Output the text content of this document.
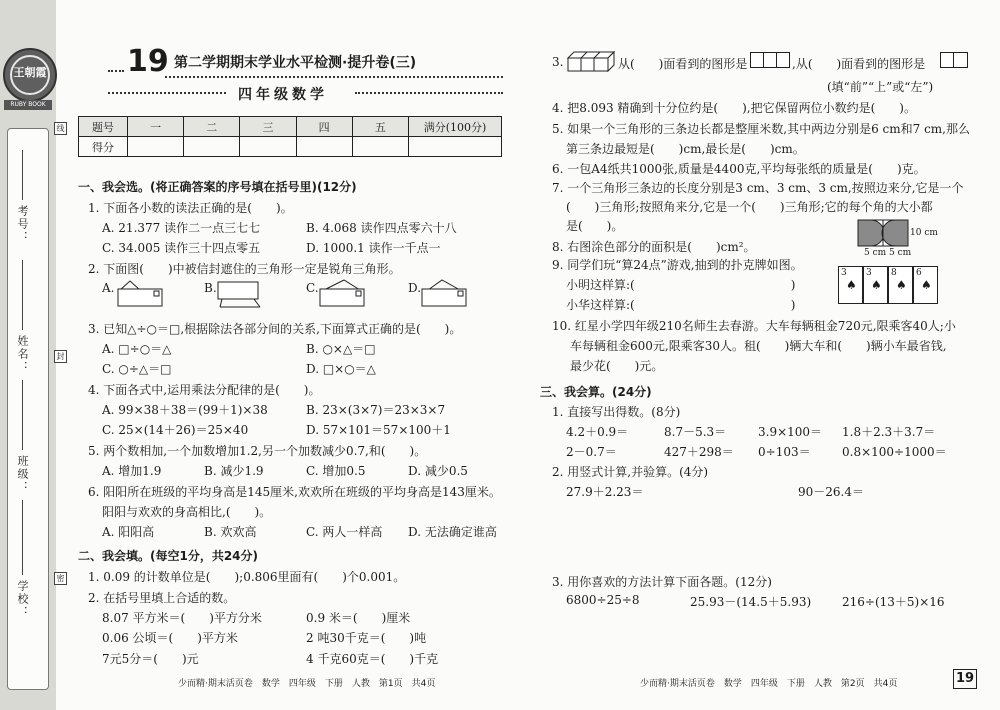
王朝霞
RUBY BOOK
考号：
姓名：
班级：
学校：
线
封
密
19 第二学期期末学业水平检测·提升卷(三)
四年级数学
题号	一	二	三	四	五	满分(100分)
得分						
一、我会选。(将正确答案的序号填在括号里)(12分)
1. 下面各小数的读法正确的是(　　)。
A. 21.377 读作二一点三七七	B. 4.068 读作四点零六十八
C. 34.005 读作三十四点零五	D. 1000.1 读作一千点一
2. 下面图(　　)中被信封遮住的三角形一定是锐角三角形。
A.	B.	C.	D.
3. 已知△÷○＝□,根据除法各部分间的关系,下面算式正确的是(　　)。
A. □÷○＝△	B. ○×△＝□
C. ○÷△＝□	D. □×○＝△
4. 下面各式中,运用乘法分配律的是(　　)。
A. 99×38＋38＝(99＋1)×38	B. 23×(3×7)＝23×3×7
C. 25×(14＋26)＝25×40	D. 57×101＝57×100＋1
5. 两个数相加,一个加数增加1.2,另一个加数减少0.7,和(　　)。
A. 增加1.9	B. 减少1.9	C. 增加0.5	D. 减少0.5
6. 阳阳所在班级的平均身高是145厘米,欢欢所在班级的平均身高是143厘米。
阳阳与欢欢的身高相比,(　　)。
A. 阳阳高	B. 欢欢高	C. 两人一样高 D. 无法确定谁高
二、我会填。(每空1分，共24分)
1. 0.09 的计数单位是(　　);0.806里面有(　　)个0.001。
2. 在括号里填上合适的数。
8.07 平方米＝(　　)平方分米	0.9 米＝(　　)厘米
0.06 公顷＝(　　)平方米	2 吨30千克＝(　　)吨
7元5分＝(　　)元	4 千克60克＝(　　)千克
少而精·期末活页卷　数学　四年级　下册　人教　第1页　共4页
3.	从(　　)面看到的图形是	,从(　　)面看到的图形是
(填“前”“上”或“左”)
4. 把8.093 精确到十分位约是(　　),把它保留两位小数约是(　　)。
5. 如果一个三角形的三条边长都是整厘米数,其中两边分别是6 cm和7 cm,那么
第三条边最短是(　　)cm,最长是(　　)cm。
6. 一包A4纸共1000张,质量是4400克,平均每张纸的质量是(　　)克。
7. 一个三角形三条边的长度分别是3 cm、3 cm、3 cm,按照边来分,它是一个
(　　)三角形;按照角来分,它是一个(　　)三角形;它的每个角的大小都
是(　　)。
8. 右图涂色部分的面积是(　　)cm²。
10 cm
5 cm 5 cm
9. 同学们玩“算24点”游戏,抽到的扑克牌如图。
小明这样算:(　　　　　　　　　　　　　)
小华这样算:(　　　　　　　　　　　　　)
3
♠
3
♠
8
♠
6
♠
10. 红星小学四年级210名师生去春游。大车每辆租金720元,限乘客40人;小
车每辆租金600元,限乘客30人。租(　　)辆大车和(　　)辆小车最省钱,
最少花(　　)元。
三、我会算。(24分)
1. 直接写出得数。(8分)
4.2＋0.9＝	8.7－5.3＝	3.9×100＝ 1.8＋2.3＋3.7＝
2－0.7＝	427＋298＝ 0÷103＝	0.8×100÷1000＝
2. 用竖式计算,并验算。(4分)
27.9＋2.23＝	90－26.4＝
3. 用你喜欢的方法计算下面各题。(12分)
6800÷25÷8	25.93－(14.5＋5.93)	216÷(13＋5)×16
少而精·期末活页卷　数学　四年级　下册　人教　第2页　共4页	19
